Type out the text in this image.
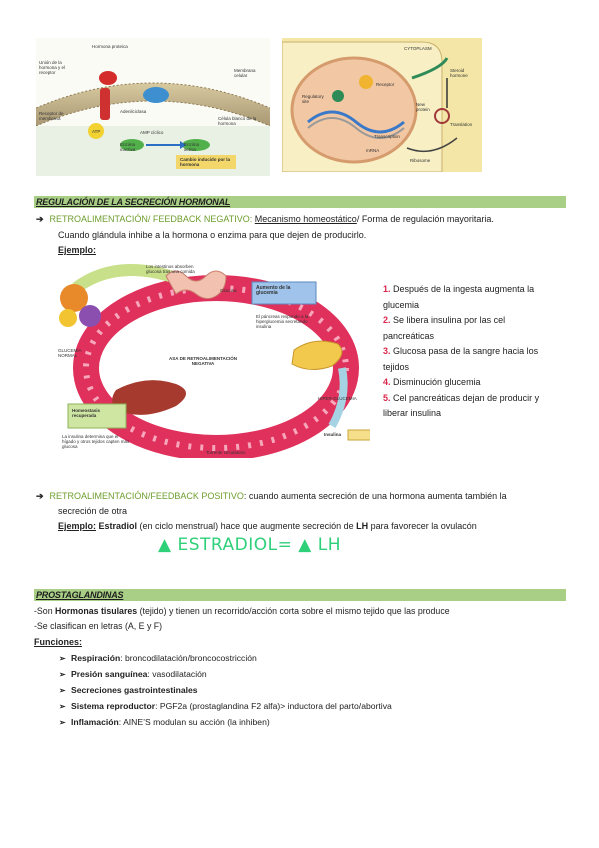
Hormona proteica
Unión de la hormona y el receptor	Membrana celular
Receptor de membrana
Adenilciclasa
ATP	AMP cíclico
Enzima inactiva
Enzima activa
Célula blanco de la hormona
Cambio inducido por la hormona
CYTOPLASM
Steroid hormone
Receptor
Regulatory site
Transcription
Translation
mRNA
New protein
Ribosome
REGULACIÓN DE LA SECRECIÓN HORMONAL
➔ RETROALIMENTACIÓN/ FEEDBACK NEGATIVO: Mecanismo homeostático/ Forma de regulación mayoritaria.
Cuando glándula inhibe a la hormona o enzima para que dejen de producirlo.
Ejemplo:
Los intestinos absorben glucosa tras una comida
Glucosa	Aumento de la glucemia
El páncreas responde a la hiperglucemia secretando insulina
GLUCEMIA NORMAL
HIPER-GLUCEMIA
Homeostasis recuperada
La insulina determina que el hígado y otros tejidos capten más glucosa
Insulina
Torrente circulatorio
ASA DE RETROALIMENTACIÓN NEGATIVA
1. Después de la ingesta augmenta la
glucemia
2. Se libera insulina por las cel
pancreáticas
3. Glucosa pasa de la sangre hacia los
tejidos
4. Disminución glucemia
5. Cel pancreáticas dejan de producir y
liberar insulina
➔ RETROALIMENTACIÓN/FEEDBACK POSITIVO: cuando aumenta secreción de una hormona aumenta también la
secreción de otra
Ejemplo: Estradiol (en ciclo menstrual) hace que augmente secreción de LH para favorecer la ovulacón
▲ ESTRADIOL= ▲ LH
PROSTAGLANDINAS
-Son Hormonas tisulares (tejido) y tienen un recorrido/acción corta sobre el mismo tejido que las produce
-Se clasifican en letras (A, E y F)
Funciones:
➢ Respiración: broncodilatación/broncocostricción
➢ Presión sanguínea: vasodilatación
➢ Secreciones gastrointestinales
➢ Sistema reproductor: PGF2a (prostaglandina F2 alfa)> inductora del parto/abortiva
➢ Inflamación: AINE’S modulan su acción (la inhiben)
